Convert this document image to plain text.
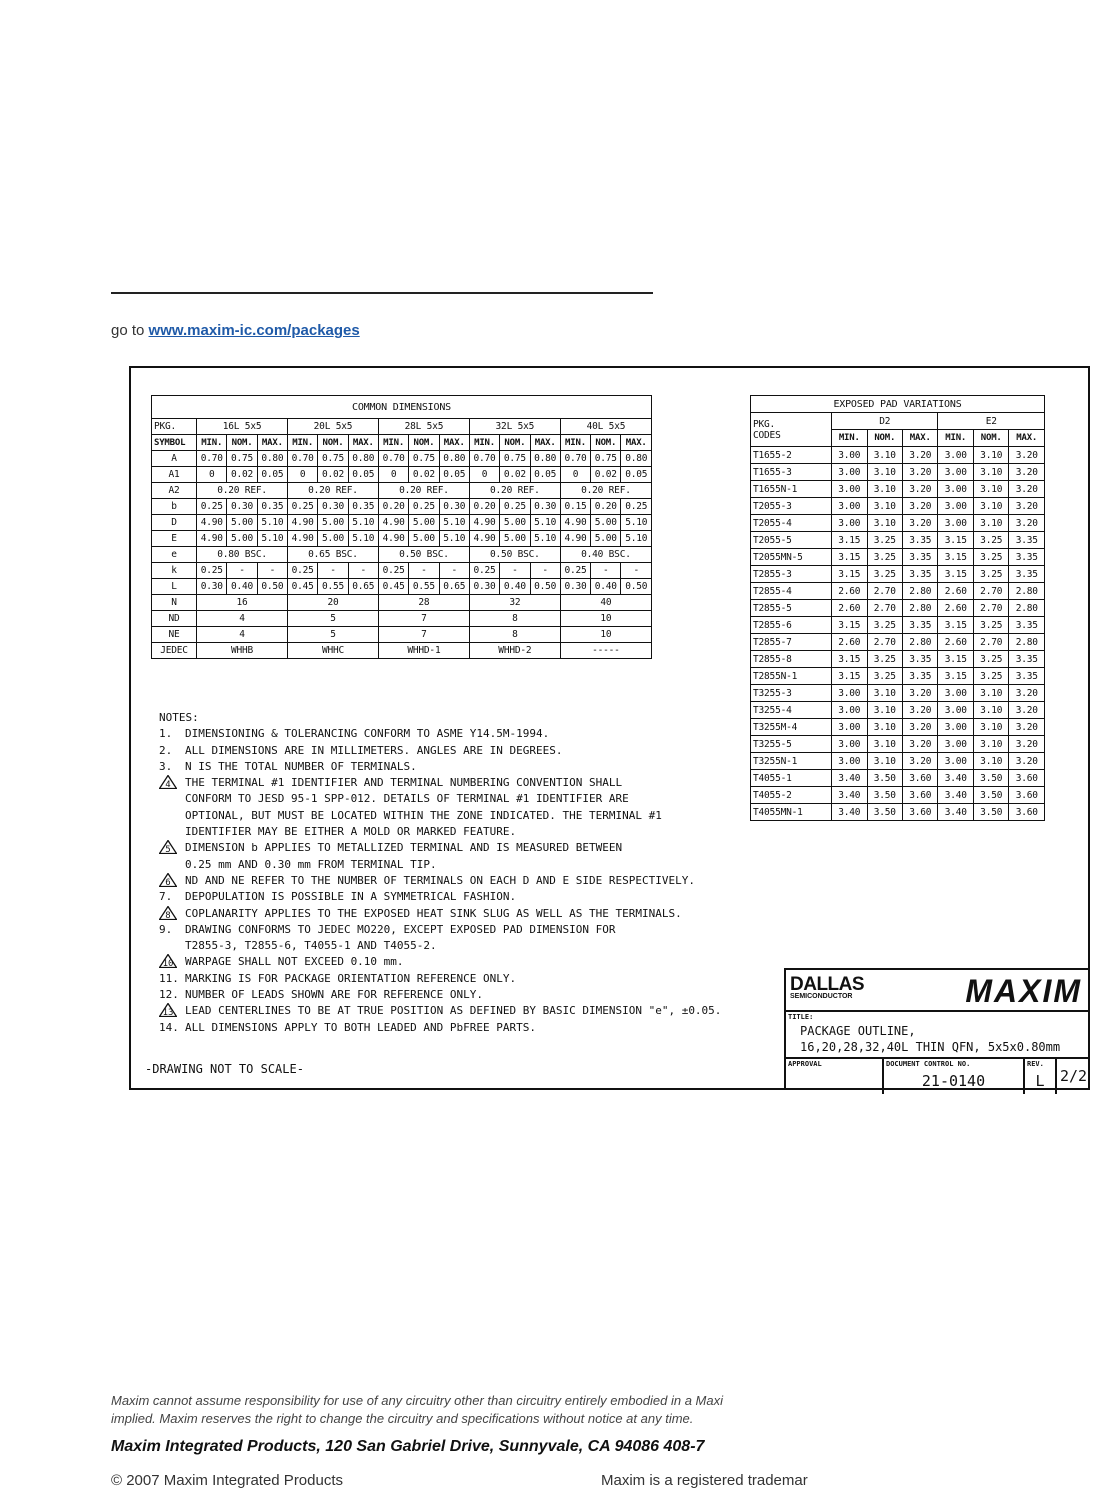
go to www.maxim-ic.com/packages
COMMON DIMENSIONS															
PKG.	16L 5x5			20L 5x5			28L 5x5			32L 5x5			40L 5x5		
SYMBOL	MIN.	NOM.	MAX.	MIN.	NOM.	MAX.	MIN.	NOM.	MAX.	MIN.	NOM.	MAX.	MIN.	NOM.	MAX.
A	0.70	0.75	0.80	0.70	0.75	0.80	0.70	0.75	0.80	0.70	0.75	0.80	0.70	0.75	0.80
A1	0	0.02	0.05	0	0.02	0.05	0	0.02	0.05	0	0.02	0.05	0	0.02	0.05
A2	0.20 REF.			0.20 REF.			0.20 REF.			0.20 REF.			0.20 REF.		
b	0.25	0.30	0.35	0.25	0.30	0.35	0.20	0.25	0.30	0.20	0.25	0.30	0.15	0.20	0.25
D	4.90	5.00	5.10	4.90	5.00	5.10	4.90	5.00	5.10	4.90	5.00	5.10	4.90	5.00	5.10
E	4.90	5.00	5.10	4.90	5.00	5.10	4.90	5.00	5.10	4.90	5.00	5.10	4.90	5.00	5.10
e	0.80 BSC.			0.65 BSC.			0.50 BSC.			0.50 BSC.			0.40 BSC.		
k	0.25	-	-	0.25	-	-	0.25	-	-	0.25	-	-	0.25	-	-
L	0.30	0.40	0.50	0.45	0.55	0.65	0.45	0.55	0.65	0.30	0.40	0.50	0.30	0.40	0.50
N	16			20			28			32			40		
ND	4			5			7			8			10		
NE	4			5			7			8			10		
JEDEC	WHHB			WHHC			WHHD-1			WHHD-2			-----		
EXPOSED PAD VARIATIONS						

PKG.
CODES	D2			E2		
	MIN.	NOM.	MAX.	MIN.	NOM.	MAX.
T1655-2	3.00	3.10	3.20	3.00	3.10	3.20
T1655-3	3.00	3.10	3.20	3.00	3.10	3.20
T1655N-1	3.00	3.10	3.20	3.00	3.10	3.20
T2055-3	3.00	3.10	3.20	3.00	3.10	3.20
T2055-4	3.00	3.10	3.20	3.00	3.10	3.20
T2055-5	3.15	3.25	3.35	3.15	3.25	3.35
T2055MN-5	3.15	3.25	3.35	3.15	3.25	3.35
T2855-3	3.15	3.25	3.35	3.15	3.25	3.35
T2855-4	2.60	2.70	2.80	2.60	2.70	2.80
T2855-5	2.60	2.70	2.80	2.60	2.70	2.80
T2855-6	3.15	3.25	3.35	3.15	3.25	3.35
T2855-7	2.60	2.70	2.80	2.60	2.70	2.80
T2855-8	3.15	3.25	3.35	3.15	3.25	3.35
T2855N-1	3.15	3.25	3.35	3.15	3.25	3.35
T3255-3	3.00	3.10	3.20	3.00	3.10	3.20
T3255-4	3.00	3.10	3.20	3.00	3.10	3.20
T3255M-4	3.00	3.10	3.20	3.00	3.10	3.20
T3255-5	3.00	3.10	3.20	3.00	3.10	3.20
T3255N-1	3.00	3.10	3.20	3.00	3.10	3.20
T4055-1	3.40	3.50	3.60	3.40	3.50	3.60
T4055-2	3.40	3.50	3.60	3.40	3.50	3.60
T4055MN-1	3.40	3.50	3.60	3.40	3.50	3.60
NOTES:
1.	DIMENSIONING & TOLERANCING CONFORM TO ASME Y14.5M-1994.
2.	ALL DIMENSIONS ARE IN MILLIMETERS. ANGLES ARE IN DEGREES.
3.	N IS THE TOTAL NUMBER OF TERMINALS.
4	THE TERMINAL #1 IDENTIFIER AND TERMINAL NUMBERING CONVENTION SHALL
CONFORM TO JESD 95-1 SPP-012. DETAILS OF TERMINAL #1 IDENTIFIER ARE
OPTIONAL, BUT MUST BE LOCATED WITHIN THE ZONE INDICATED. THE TERMINAL #1
IDENTIFIER MAY BE EITHER A MOLD OR MARKED FEATURE.
5	DIMENSION b APPLIES TO METALLIZED TERMINAL AND IS MEASURED BETWEEN
0.25 mm AND 0.30 mm FROM TERMINAL TIP.
6	ND AND NE REFER TO THE NUMBER OF TERMINALS ON EACH D AND E SIDE RESPECTIVELY.
7.	DEPOPULATION IS POSSIBLE IN A SYMMETRICAL FASHION.
8	COPLANARITY APPLIES TO THE EXPOSED HEAT SINK SLUG AS WELL AS THE TERMINALS.
9.	DRAWING CONFORMS TO JEDEC MO220, EXCEPT EXPOSED PAD DIMENSION FOR
T2855-3, T2855-6, T4055-1 AND T4055-2.
10	WARPAGE SHALL NOT EXCEED 0.10 mm.
11. MARKING IS FOR PACKAGE ORIENTATION REFERENCE ONLY.
12. NUMBER OF LEADS SHOWN ARE FOR REFERENCE ONLY.
13	LEAD CENTERLINES TO BE AT TRUE POSITION AS DEFINED BY BASIC DIMENSION "e", ±0.05.
14. ALL DIMENSIONS APPLY TO BOTH LEADED AND PbFREE PARTS.
-DRAWING NOT TO SCALE-
DALLAS
SEMICONDUCTOR	MAXIM
TITLE:
PACKAGE OUTLINE,
16,20,28,32,40L THIN QFN, 5x5x0.80mm
APPROVAL	DOCUMENT CONTROL NO.
21-0140
REV.
L	2/2
Maxim cannot assume responsibility for use of any circuitry other than circuitry entirely embodied in a Maxi
implied. Maxim reserves the right to change the circuitry and specifications without notice at any time.
Maxim Integrated Products, 120 San Gabriel Drive, Sunnyvale, CA 94086 408-7
© 2007 Maxim Integrated Products	Maxim is a registered trademar
